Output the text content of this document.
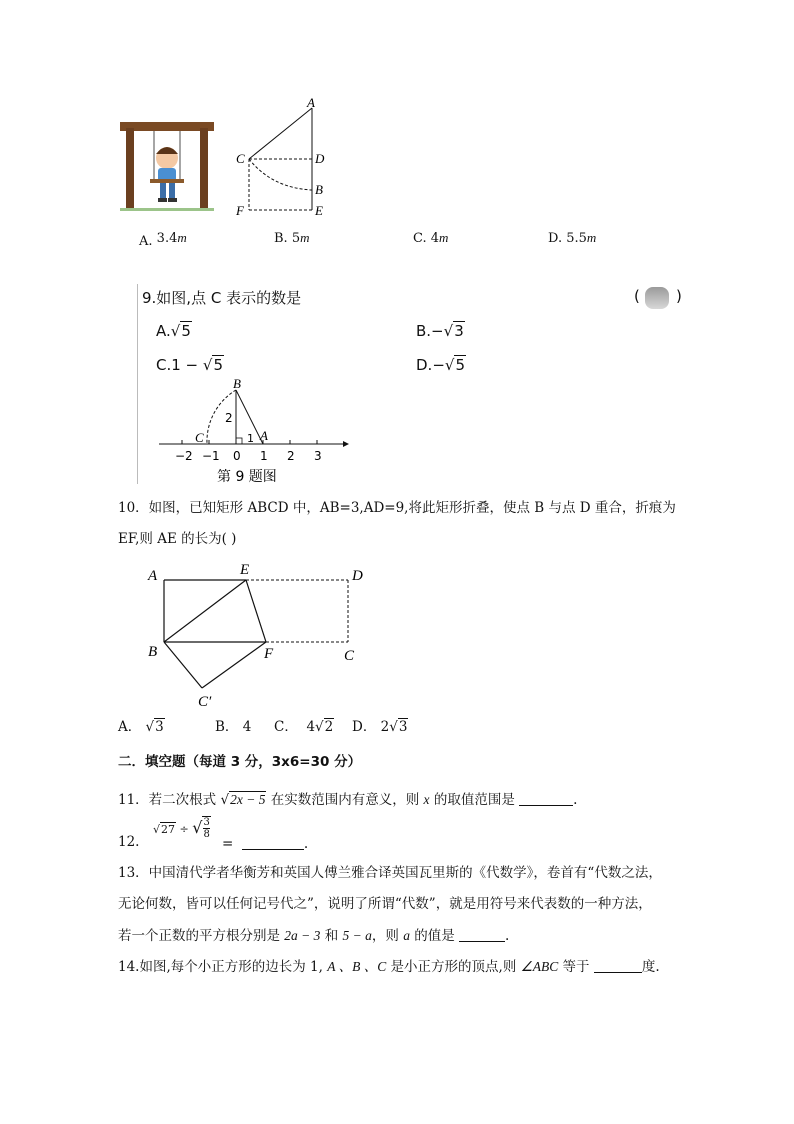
A
C	D
B
F	E
A. 3.4m	B. 5m	C. 4m	D. 5.5m
9.如图,点 C 表示的数是	( )
A.√5	B.−√3
C.1 − √5	D.−√5
B
C	A
2
1
−2 −1 0 1 2 3
第 9 题图
10．如图，已知矩形 ABCD 中，AB=3,AD=9,将此矩形折叠，使点 B 与点 D 重合，折痕为
EF,则 AE 的长为( )
A	E	D
B	F	C
C′
A． √3	B． 4 C． 4√2 D． 2√3
二．填空题（每道 3 分，3x6=30 分）
11．若二次根式 √2x − 5 在实数范围内有意义，则 x 的取值范围是	.
12.
√27 ÷ √ $\frac{3}{8}$
=	.
13．中国清代学者华衡芳和英国人傅兰雅合译英国瓦里斯的《代数学》，卷首有“代数之法，
无论何数，皆可以任何记号代之”，说明了所谓“代数”，就是用符号来代表数的一种方法，
若一个正数的平方根分别是 2a − 3 和 5 − a，则 a 的值是	.
14.如图,每个小正方形的边长为 1, A 、B 、C 是小正方形的顶点,则 ∠ABC 等于	度.
